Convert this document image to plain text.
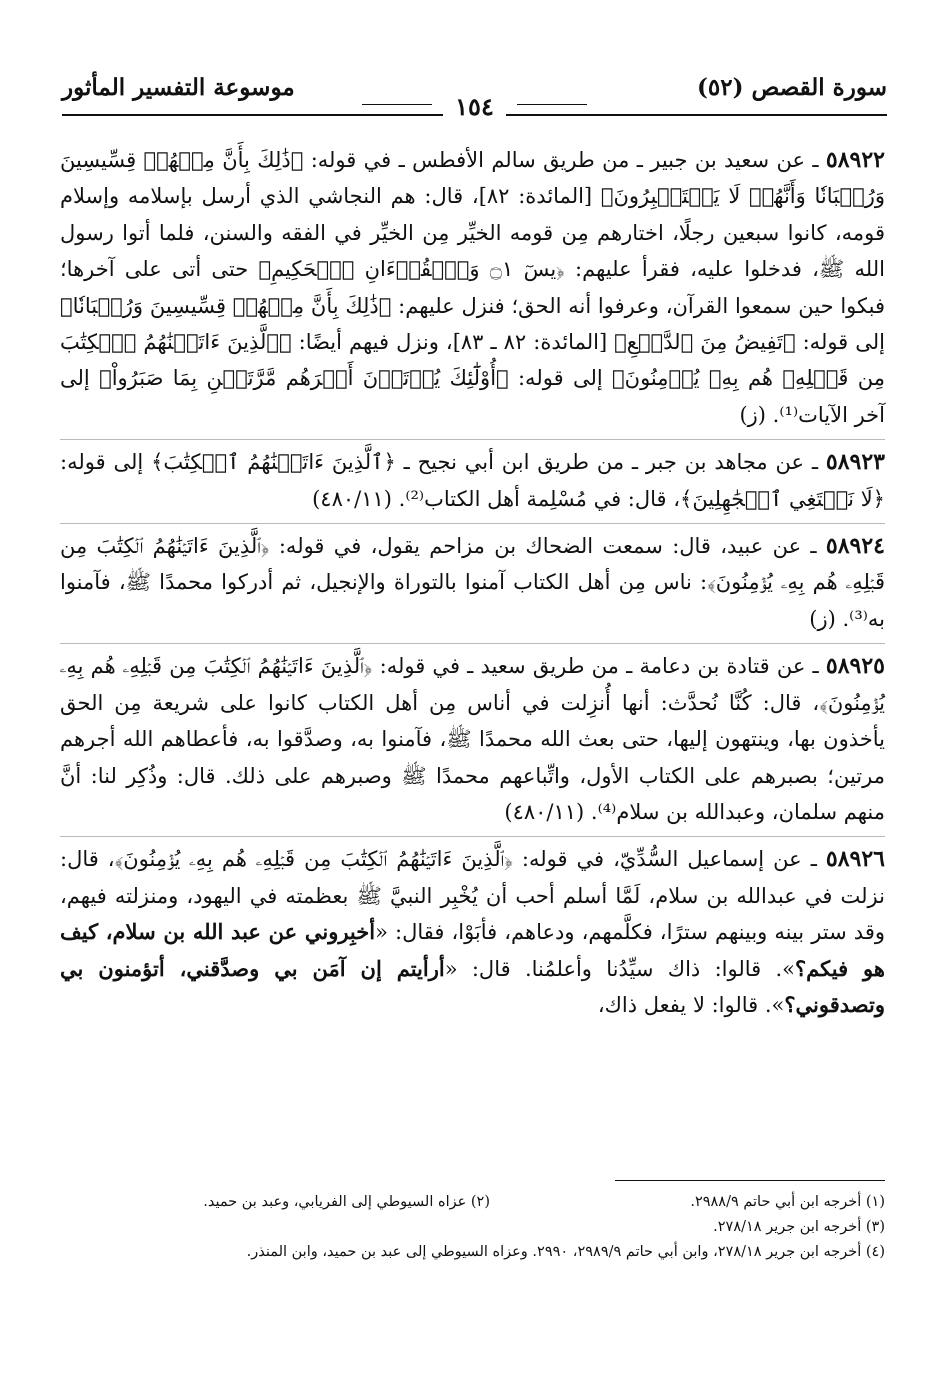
سورة القصص (٥٢)
موسوعة التفسير المأثور
١٥٤

٥٨٩٢٢ ـ عن سعيد بن جبير ـ من طريق سالم الأفطس ـ في قوله: ﴿ذَٰلِكَ بِأَنَّ مِنۡهُمۡ قِسِّيسِينَ وَرُهۡبَانٗا وَأَنَّهُمۡ لَا يَسۡتَكۡبِرُونَ﴾ [المائدة: ٨٢]، قال: هم النجاشي الذي أرسل بإسلامه وإسلام قومه، كانوا سبعين رجلًا، اختارهم مِن قومه الخيِّر مِن الخيِّر في الفقه والسنن، فلما أتوا رسول الله ﷺ، فدخلوا عليه، فقرأ عليهم: ﴿يسٓ ۝١ وَٱلۡقُرۡءَانِ ٱلۡحَكِيمِ﴾ حتى أتى على آخرها؛ فبكوا حين سمعوا القرآن، وعرفوا أنه الحق؛ فنزل عليهم: ﴿ذَٰلِكَ بِأَنَّ مِنۡهُمۡ قِسِّيسِينَ وَرُهۡبَانٗا﴾ إلى قوله: ﴿تَفِيضُ مِنَ ٱلدَّمۡعِ﴾ [المائدة: ٨٢ ـ ٨٣]، ونزل فيهم أيضًا: ﴿ٱلَّذِينَ ءَاتَيۡنَٰهُمُ ٱلۡكِتَٰبَ مِن قَبۡلِهِۦ هُم بِهِۦ يُؤۡمِنُونَ﴾ إلى قوله: ﴿أُوْلَٰٓئِكَ يُؤۡتَوۡنَ أَجۡرَهُم مَّرَّتَيۡنِ بِمَا صَبَرُواْ﴾ إلى آخر الآيات⁽¹⁾. (ز)

٥٨٩٢٣ ـ عن مجاهد بن جبر ـ من طريق ابن أبي نجيح ـ ﴿ٱلَّذِينَ ءَاتَيۡنَٰهُمُ ٱلۡكِتَٰبَ﴾ إلى قوله: ﴿لَا نَبۡتَغِي ٱلۡجَٰهِلِينَ﴾، قال: في مُسْلِمة أهل الكتاب⁽²⁾. (٤٨٠/١١)

٥٨٩٢٤ ـ عن عبيد، قال: سمعت الضحاك بن مزاحم يقول، في قوله: ﴿ٱلَّذِينَ ءَاتَيۡنَٰهُمُ ٱلۡكِتَٰبَ مِن قَبۡلِهِۦ هُم بِهِۦ يُؤۡمِنُونَ﴾: ناس مِن أهل الكتاب آمنوا بالتوراة والإنجيل، ثم أدركوا محمدًا ﷺ، فآمنوا به⁽³⁾. (ز)

٥٨٩٢٥ ـ عن قتادة بن دعامة ـ من طريق سعيد ـ في قوله: ﴿ٱلَّذِينَ ءَاتَيۡنَٰهُمُ ٱلۡكِتَٰبَ مِن قَبۡلِهِۦ هُم بِهِۦ يُؤۡمِنُونَ﴾، قال: كُنَّا نُحدَّث: أنها أُنزِلت في أناس مِن أهل الكتاب كانوا على شريعة مِن الحق يأخذون بها، وينتهون إليها، حتى بعث الله محمدًا ﷺ، فآمنوا به، وصدَّقوا به، فأعطاهم الله أجرهم مرتين؛ بصبرهم على الكتاب الأول، واتِّباعهم محمدًا ﷺ وصبرهم على ذلك. قال: وذُكِر لنا: أنَّ منهم سلمان، وعبدالله بن سلام⁽⁴⁾. (٤٨٠/١١)

٥٨٩٢٦ ـ عن إسماعيل السُّدِّيّ، في قوله: ﴿ٱلَّذِينَ ءَاتَيۡنَٰهُمُ ٱلۡكِتَٰبَ مِن قَبۡلِهِۦ هُم بِهِۦ يُؤۡمِنُونَ﴾، قال: نزلت في عبدالله بن سلام، لَمَّا أسلم أحب أن يُخْبِر النبيَّ ﷺ بعظمته في اليهود، ومنزلته فيهم، وقد ستر بينه وبينهم سترًا، فكلَّمهم، ودعاهم، فأبَوْا، فقال: «أخبِروني عن عبد الله بن سلام، كيف هو فيكم؟». قالوا: ذاك سيِّدُنا وأعلمُنا. قال: «أرأيتم إن آمَن بي وصدَّقني، أتؤمنون بي وتصدقوني؟». قالوا: لا يفعل ذاك،

(١) أخرجه ابن أبي حاتم ٢٩٨٨/٩.
(٢) عزاه السيوطي إلى الفريابي، وعبد بن حميد.
(٣) أخرجه ابن جرير ٢٧٨/١٨.
(٤) أخرجه ابن جرير ٢٧٨/١٨، وابن أبي حاتم ٢٩٨٩/٩، ٢٩٩٠. وعزاه السيوطي إلى عبد بن حميد، وابن المنذر.
